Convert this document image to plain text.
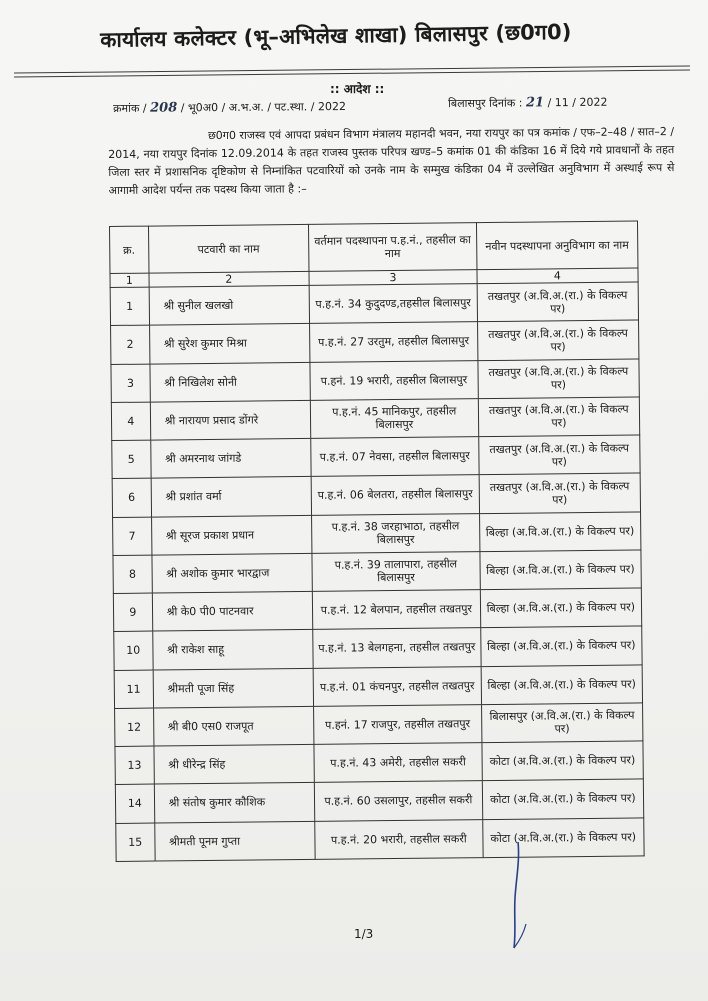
कार्यालय कलेक्टर (भू–अभिलेख शाखा) बिलासपुर (छ0ग0)
:: आदेश ::
क्रमांक / 208 / भू0अ0 / अ.भ.अ. / पट.स्था. / 2022	बिलासपुर दिनांक : 21 / 11 / 2022
छ0ग0 राजस्व एवं आपदा प्रबंधन विभाग मंत्रालय महानदी भवन, नया रायपुर का पत्र कमांक / एफ–2–48 / सात–2 / 2014, नया रायपुर दिनांक 12.09.2014 के तहत राजस्व पुस्तक परिपत्र खण्ड–5 कमांक 01 की कंडिका 16 में दिये गये प्रावधानों के तहत जिला स्तर में प्रशासनिक दृष्टिकोण से निम्नांकित पटवारियों को उनके नाम के सम्मुख कंडिका 04 में उल्लेखित अनुविभाग में अस्थाई रूप से आगामी आदेश पर्यन्त तक पदस्थ किया जाता है :–
क्र.	पटवारी का नाम	वर्तमान पदस्थापना प.ह.नं., तहसील का नाम	नवीन पदस्थापना अनुविभाग का नाम
1	2	3	4
1	श्री सुनील खलखो	प.ह.नं. 34 कुदुदण्ड,तहसील बिलासपुर	तखतपुर (अ.वि.अ.(रा.) के विकल्प पर)
2	श्री सुरेश कुमार मिश्रा	प.ह.नं. 27 उरतुम, तहसील बिलासपुर	तखतपुर (अ.वि.अ.(रा.) के विकल्प पर)
3	श्री निखिलेश सोनी	प.हनं. 19 भरारी, तहसील बिलासपुर	तखतपुर (अ.वि.अ.(रा.) के विकल्प पर)
4	श्री नारायण प्रसाद डोंगरे	प.ह.नं. 45 मानिकपुर, तहसील बिलासपुर	तखतपुर (अ.वि.अ.(रा.) के विकल्प पर)
5	श्री अमरनाथ जांगडे	प.ह.नं. 07 नेवसा, तहसील बिलासपुर	तखतपुर (अ.वि.अ.(रा.) के विकल्प पर)
6	श्री प्रशांत वर्मा	प.ह.नं. 06 बेलतरा, तहसील बिलासपुर	तखतपुर (अ.वि.अ.(रा.) के विकल्प पर)
7	श्री सूरज प्रकाश प्रधान	प.ह.नं. 38 जरहाभाठा, तहसील बिलासपुर	बिल्हा (अ.वि.अ.(रा.) के विकल्प पर)
8	श्री अशोक कुमार भारद्वाज	प.ह.नं. 39 तालापारा, तहसील बिलासपुर	बिल्हा (अ.वि.अ.(रा.) के विकल्प पर)
9	श्री के0 पी0 पाटनवार	प.ह.नं. 12 बेलपान, तहसील तखतपुर	बिल्हा (अ.वि.अ.(रा.) के विकल्प पर)
10	श्री राकेश साहू	प.ह.नं. 13 बेलगहना, तहसील तखतपुर	बिल्हा (अ.वि.अ.(रा.) के विकल्प पर)
11	श्रीमती पूजा सिंह	प.ह.नं. 01 कंचनपुर, तहसील तखतपुर	बिल्हा (अ.वि.अ.(रा.) के विकल्प पर)
12	श्री बी0 एस0 राजपूत	प.हनं. 17 राजपुर, तहसील तखतपुर	बिलासपुर (अ.वि.अ.(रा.) के विकल्प पर)
13	श्री धीरेन्द्र सिंह	प.ह.नं. 43 अमेरी, तहसील सकरी	कोटा (अ.वि.अ.(रा.) के विकल्प पर)
14	श्री संतोष कुमार कौशिक	प.ह.नं. 60 उसलापुर, तहसील सकरी	कोटा (अ.वि.अ.(रा.) के विकल्प पर)
15	श्रीमती पूनम गुप्ता	प.ह.नं. 20 भरारी, तहसील सकरी	कोटा (अ.वि.अ.(रा.) के विकल्प पर)
1/3
